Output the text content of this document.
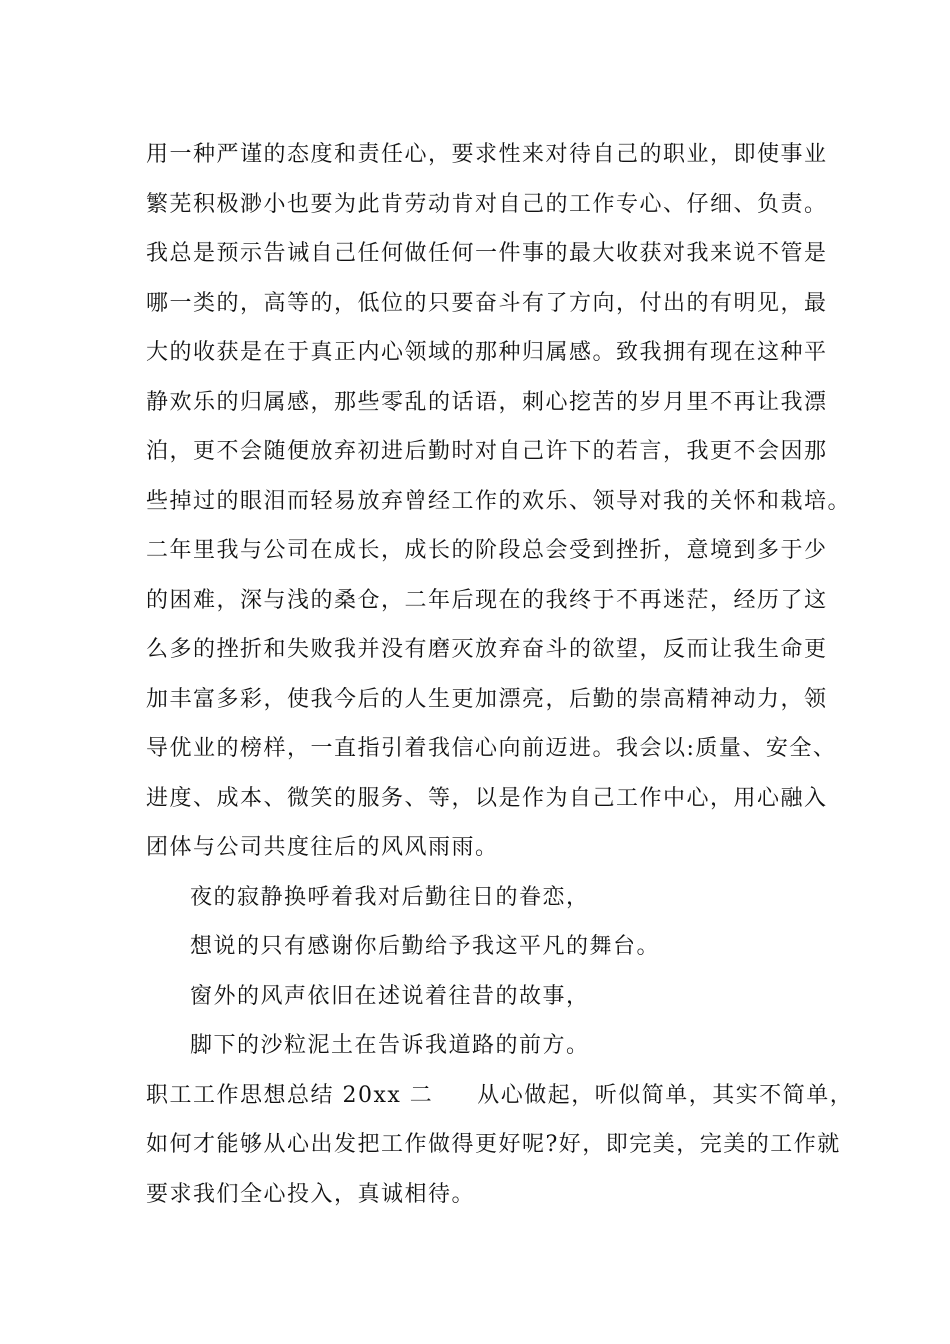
用一种严谨的态度和责任心，要求性来对待自己的职业，即使事业
繁芜积极渺小也要为此肯劳动肯对自己的工作专心、仔细、负责。
我总是预示告诫自己任何做任何一件事的最大收获对我来说不管是
哪一类的，高等的，低位的只要奋斗有了方向，付出的有明见，最
大的收获是在于真正内心领域的那种归属感。致我拥有现在这种平
静欢乐的归属感，那些零乱的话语，刺心挖苦的岁月里不再让我漂
泊，更不会随便放弃初进后勤时对自己许下的若言，我更不会因那
些掉过的眼泪而轻易放弃曾经工作的欢乐、领导对我的关怀和栽培。
二年里我与公司在成长，成长的阶段总会受到挫折，意境到多于少
的困难，深与浅的桑仓，二年后现在的我终于不再迷茫，经历了这
么多的挫折和失败我并没有磨灭放弃奋斗的欲望，反而让我生命更
加丰富多彩，使我今后的人生更加漂亮，后勤的崇高精神动力，领
导优业的榜样，一直指引着我信心向前迈进。我会以:质量、安全、
进度、成本、微笑的服务、等，以是作为自己工作中心，用心融入
团体与公司共度往后的风风雨雨。
夜的寂静换呼着我对后勤往日的眷恋，
想说的只有感谢你后勤给予我这平凡的舞台。
窗外的风声依旧在述说着往昔的故事，
脚下的沙粒泥土在告诉我道路的前方。
职工工作思想总结 20xx 二 从心做起，听似简单，其实不简单，
如何才能够从心出发把工作做得更好呢?好，即完美，完美的工作就
要求我们全心投入，真诚相待。
